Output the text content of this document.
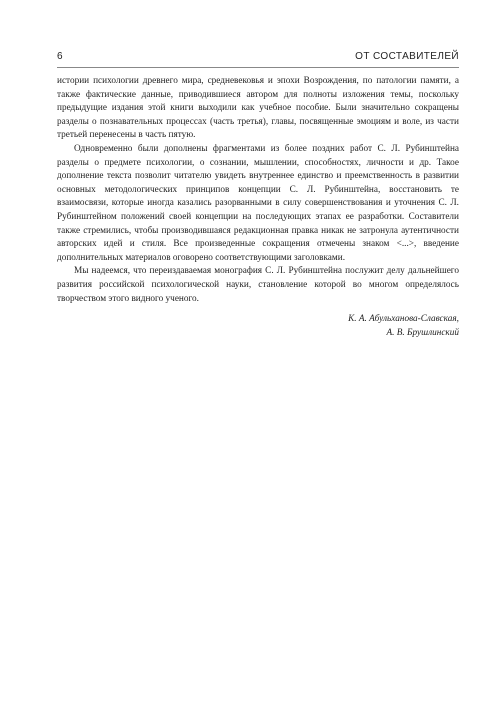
6	ОТ СОСТАВИТЕЛЕЙ

истории психологии древнего мира, средневековья и эпохи Возрождения, по патологии памяти, а также фактические данные, приводившиеся автором для полноты изложения темы, поскольку предыдущие издания этой книги выходили как учебное пособие. Были значительно сокращены разделы о познавательных процессах (часть третья), главы, посвященные эмоциям и воле, из части третьей перенесены в часть пятую.

Одновременно были дополнены фрагментами из более поздних работ С. Л. Рубинштейна разделы о предмете психологии, о сознании, мышлении, способностях, личности и др. Такое дополнение текста позволит читателю увидеть внутреннее единство и преемственность в развитии основных методологических принципов концепции С. Л. Рубинштейна, восстановить те взаимосвязи, которые иногда казались разорванными в силу совершенствования и уточнения С. Л. Рубинштейном положений своей концепции на последующих этапах ее разработки. Составители также стремились, чтобы производившаяся редакционная правка никак не затронула аутентичности авторских идей и стиля. Все произведенные сокращения отмечены знаком <...>, введение дополнительных материалов оговорено соответствующими заголовками.

Мы надеемся, что переиздаваемая монография С. Л. Рубинштейна послужит делу дальнейшего развития российской психологической науки, становление которой во многом определялось творчеством этого видного ученого.

К. А. Абульханова-Славская,
А. В. Брушлинский
